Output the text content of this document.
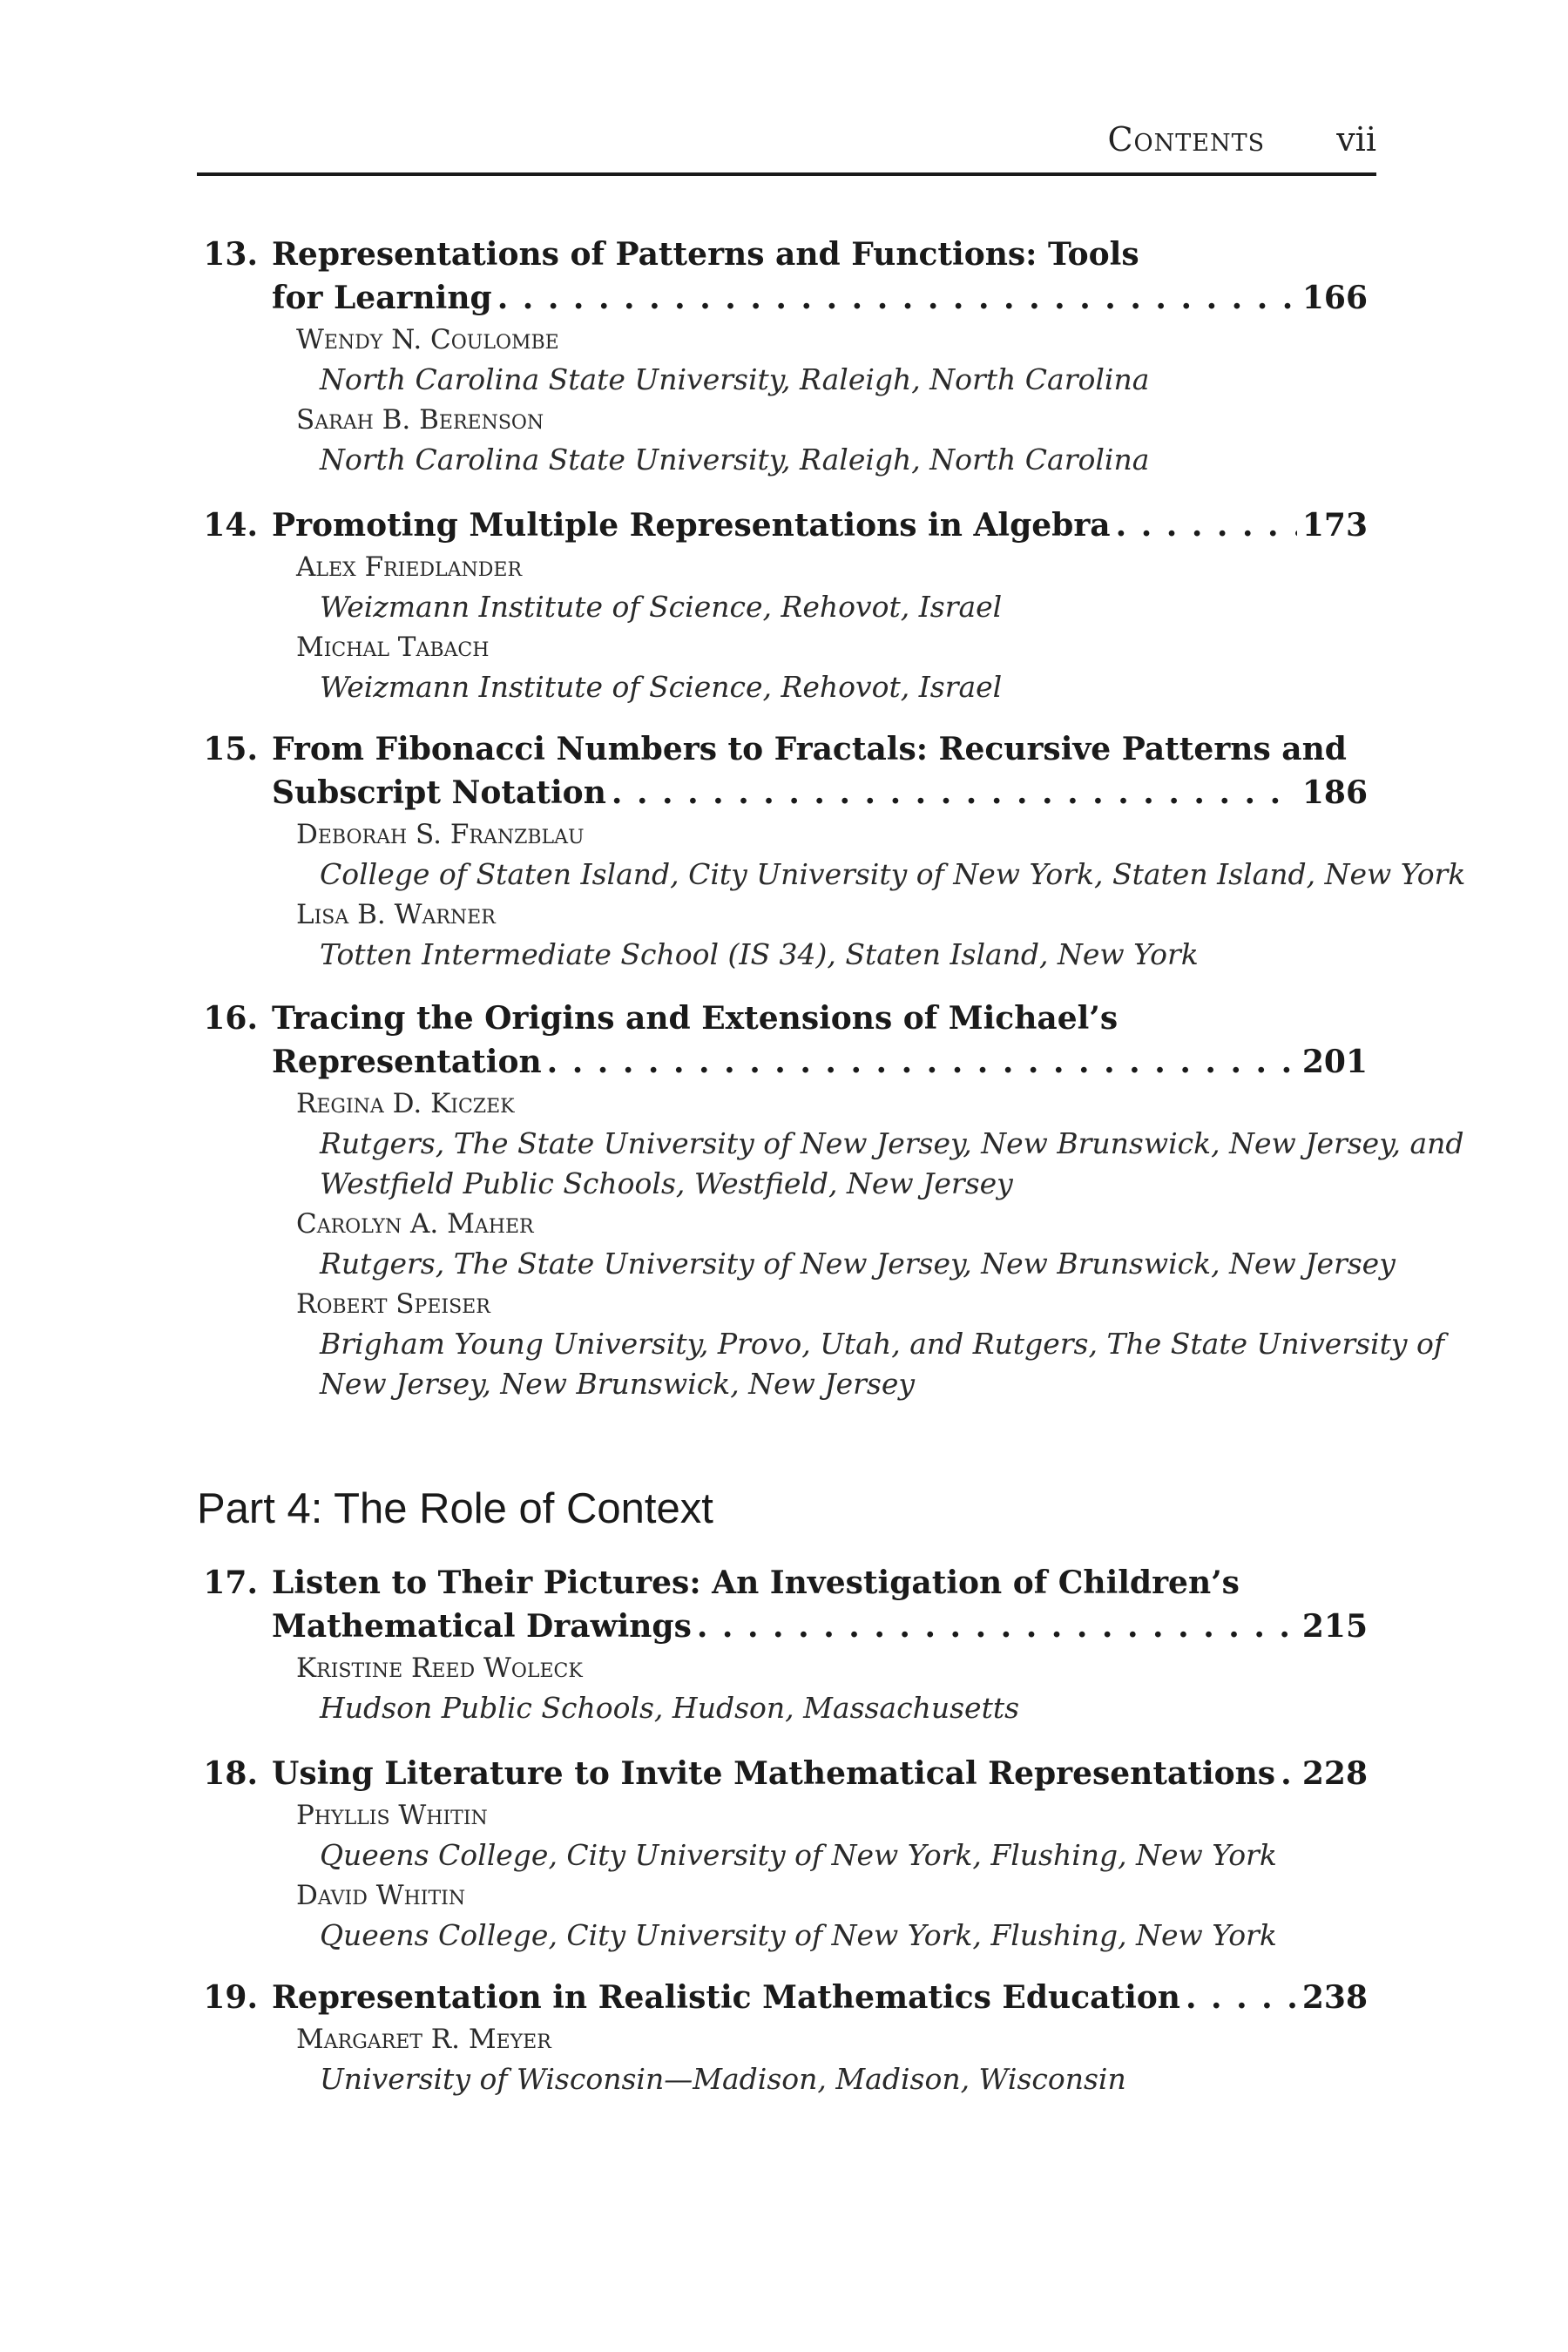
Contents vii
13. Representations of Patterns and Functions: Tools
for Learning . . .	166
Wendy N. Coulombe
North Carolina State University, Raleigh, North Carolina
Sarah B. Berenson
North Carolina State University, Raleigh, North Carolina
14. Promoting Multiple Representations in Algebra . . .	173
Alex Friedlander
Weizmann Institute of Science, Rehovot, Israel
Michal Tabach
Weizmann Institute of Science, Rehovot, Israel
15. From Fibonacci Numbers to Fractals: Recursive Patterns and
Subscript Notation . . .	186
Deborah S. Franzblau
College of Staten Island, City University of New York, Staten Island, New York
Lisa B. Warner
Totten Intermediate School (IS 34), Staten Island, New York
16. Tracing the Origins and Extensions of Michael’s
Representation . . .	201
Regina D. Kiczek
Rutgers, The State University of New Jersey, New Brunswick, New Jersey, and
Westfield Public Schools, Westfield, New Jersey
Carolyn A. Maher
Rutgers, The State University of New Jersey, New Brunswick, New Jersey
Robert Speiser
Brigham Young University, Provo, Utah, and Rutgers, The State University of
New Jersey, New Brunswick, New Jersey
Part 4: The Role of Context
17. Listen to Their Pictures: An Investigation of Children’s
Mathematical Drawings . . .	215
Kristine Reed Woleck
Hudson Public Schools, Hudson, Massachusetts
18. Using Literature to Invite Mathematical Representations . . . 228
Phyllis Whitin
Queens College, City University of New York, Flushing, New York
David Whitin
Queens College, City University of New York, Flushing, New York
19. Representation in Realistic Mathematics Education . . .	238
Margaret R. Meyer
University of Wisconsin—Madison, Madison, Wisconsin
